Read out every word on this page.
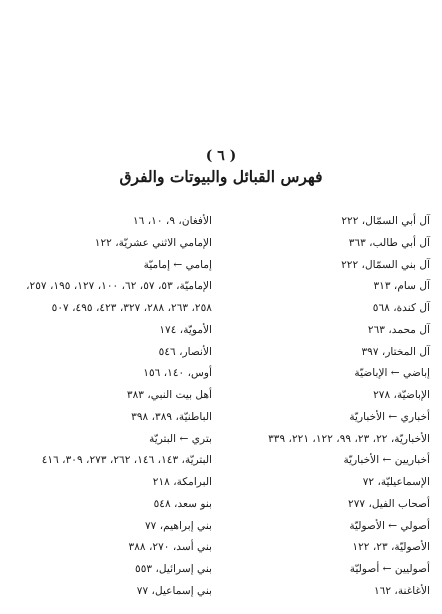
( ٦ )
فهرس القبائل والبيوتات والفرق
آل أبي السمّال، ٢٢٢
آل أبي طالب، ٣٦٣
آل بني السمّال، ٢٢٢
آل سام، ٣١٣
آل كندة، ٥٦٨
آل محمد، ٢٦٣
آل المختار، ٣٩٧
إباضي ← الإباضيّة
الإباضيّة، ٢٧٨
أخباري ← الأخباريّة
الأخباريّة، ٢٢، ٢٣، ٩٩، ١٢٢، ٢٢١، ٣٣٩
أخباريين ← الأخباريّة
الإسماعيليّة، ٧٢
أصحاب الفيل، ٢٧٧
أصولي ← الأصوليّة
الأصوليّة، ٢٣، ١٢٢
أصوليين ← أصوليّة
الأغاغنة، ١٦٢
الأفغان، ٩، ١٠، ١٦
الإمامي الاثني عشريّة، ١٢٢
إمامي ← إماميّة
الإماميّة، ٥٣، ٥٧، ٦٢، ١٠٠، ١٢٧، ١٩٥، ٢٥٧،
٢٥٨، ٢٦٣، ٢٨٨، ٣٢٧، ٤٢٣، ٤٩٥، ٥٠٧
الأمويّة، ١٧٤
الأنصار، ٥٤٦
أوس، ١٤٠، ١٥٦
أهل بيت النبي، ٣٨٣
الباطنيّة، ٣٨٩، ٣٩٨
بتري ← البتريّة
البتريّة، ١٤٣، ١٤٦، ٢٦٢، ٢٧٣، ٣٠٩، ٤١٦
البرامكة، ٢١٨
بنو سعد، ٥٤٨
بني إبراهيم، ٧٧
بني أسد، ٢٧٠، ٣٨٨
بني إسرائيل، ٥٥٣
بني إسماعيل، ٧٧
